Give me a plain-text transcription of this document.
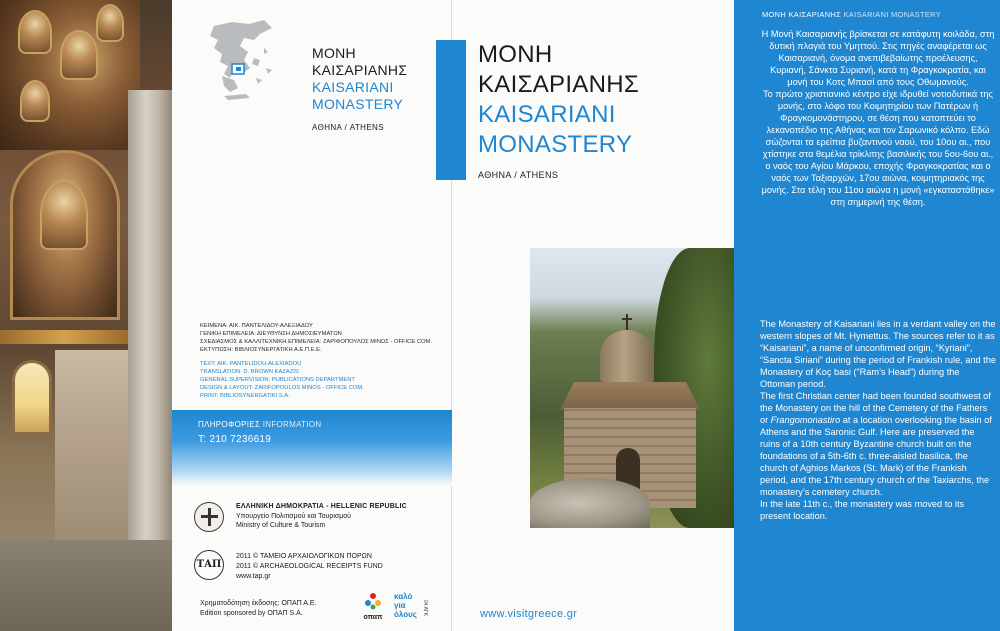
ΜΟΝΗ
ΚΑΙΣΑΡΙΑΝΗΣ
KAISARIANI
MONASTERY
ΑΘΗΝΑ / ATHENS
ΚΕΙΜΕΝΑ: ΑΙΚ. ΠΑΝΤΕΛΙΔΟΥ-ΑΛΕΞΙΑΔΟΥ
ΓΕΝΙΚΗ ΕΠΙΜΕΛΕΙΑ: ΔΙΕΥΘΥΝΣΗ ΔΗΜΟΣΙΕΥΜΑΤΩΝ
ΣΧΕΔΙΑΣΜΟΣ & ΚΑΛΛΙΤΕΧΝΙΚΗ ΕΠΙΜΕΛΕΙΑ: ΖΑΡΙΦΟΠΟΥΛΟΣ ΜΙΝΩΣ - OFFICE COM.
ΕΚΤΥΠΩΣΗ: ΒΙΒΛΙΟΣΥΝΕΡΓΑΤΙΚΗ Α.Ε.Π.Ε.Ε.
TEXT: AIK. PANTELIDOU-ALEXIADOU
TRANSLATION: D. BROWN KAZAZIS
GENERAL SUPERVISION: PUBLICATIONS DEPARTMENT
DESIGN & LAYOUT: ZARIFOPOULOS MINOS - OFFICE COM.
PRINT: BIBLIOSYNERGATIKI S.A.
ΠΛΗΡΟΦΟΡΙΕΣ INFORMATION
T: 210 7236619
ΕΛΛΗΝΙΚΗ ΔΗΜΟΚΡΑΤΙΑ - HELLENIC REPUBLIC
Υπουργείο Πολιτισμού και Τουρισμού
Ministry of Culture & Tourism
ΤΑΠ
2011 © ΤΑΜΕΙΟ ΑΡΧΑΙΟΛΟΓΙΚΩΝ ΠΟΡΩΝ
2011 © ARCHAEOLOGICAL RECEIPTS FUND
www.tap.gr
Χρηματοδότηση έκδοσης: ΟΠΑΠ Α.Ε.
Edition sponsored by ΟΠΑΠ S.A.
οπαπ
καλό
για
όλους 04 ΑΓΚ
ΜΟΝΗ
ΚΑΙΣΑΡΙΑΝΗΣ
KAISARIANI
MONASTERY
ΑΘΗΝΑ / ATHENS
www.visitgreece.gr
ΜΟΝΗ ΚΑΙΣΑΡΙΑΝΗΣ KAISARIANI MONASTERY

Η Μονή Καισαριανής βρίσκεται σε κατάφυτη κοιλάδα, στη δυτική πλαγιά του Υμηττού. Στις πηγές αναφέρεται ως Καισαριανή, όνομα ανεπιβεβαίωτης προέλευσης, Κυριανή, Σάνκτα Συριανή, κατά τη Φραγκοκρατία, και μονή του Κοτς Μπασί από τους Οθωμανούς.

Το πρώτο χριστιανικό κέντρο είχε ιδρυθεί νοτιοδυτικά της μονής, στο λόφο του Κοιμητηρίου των Πατέρων ή Φραγκομονάστηρου, σε θέση που κατοπτεύει το λεκανοπέδιο της Αθήνας και τον Σαρωνικό κόλπο. Εδώ σώζονται τα ερείπια βυζαντινού ναού, του 10ου αι., που χτίστηκε στα θεμέλια τρίκλιτης βασιλικής του 5ου-6ου αι., ο ναός του Αγίου Μάρκου, εποχής Φραγκοκρατίας και ο ναός των Ταξιαρχών, 17ου αιώνα, κοιμητηριακός της μονής. Στα τέλη του 11ου αιώνα η μονή «εγκαταστάθηκε» στη σημερινή της θέση.

The Monastery of Kaisariani lies in a verdant valley on the western slopes of Mt. Hymettus. The sources refer to it as “Kaisariani”, a name of unconfirmed origin, “Kyriani”, “Sancta Siriani” during the period of Frankish rule, and the Monastery of Koç basi (“Ram’s Head”) during the Ottoman period.

The first Christian center had been founded southwest of the Monastery on the hill of the Cemetery of the Fathers or Frangomonastiro at a location overlooking the basin of Athens and the Saronic Gulf. Here are preserved the ruins of a 10th century Byzantine church built on the foundations of a 5th-6th c. three-aisled basilica, the church of Aghios Markos (St. Mark) of the Frankish period, and the 17th century church of the Taxiarchs, the monastery’s cemetery church.

In the late 11th c., the monastery was moved to its present location.
